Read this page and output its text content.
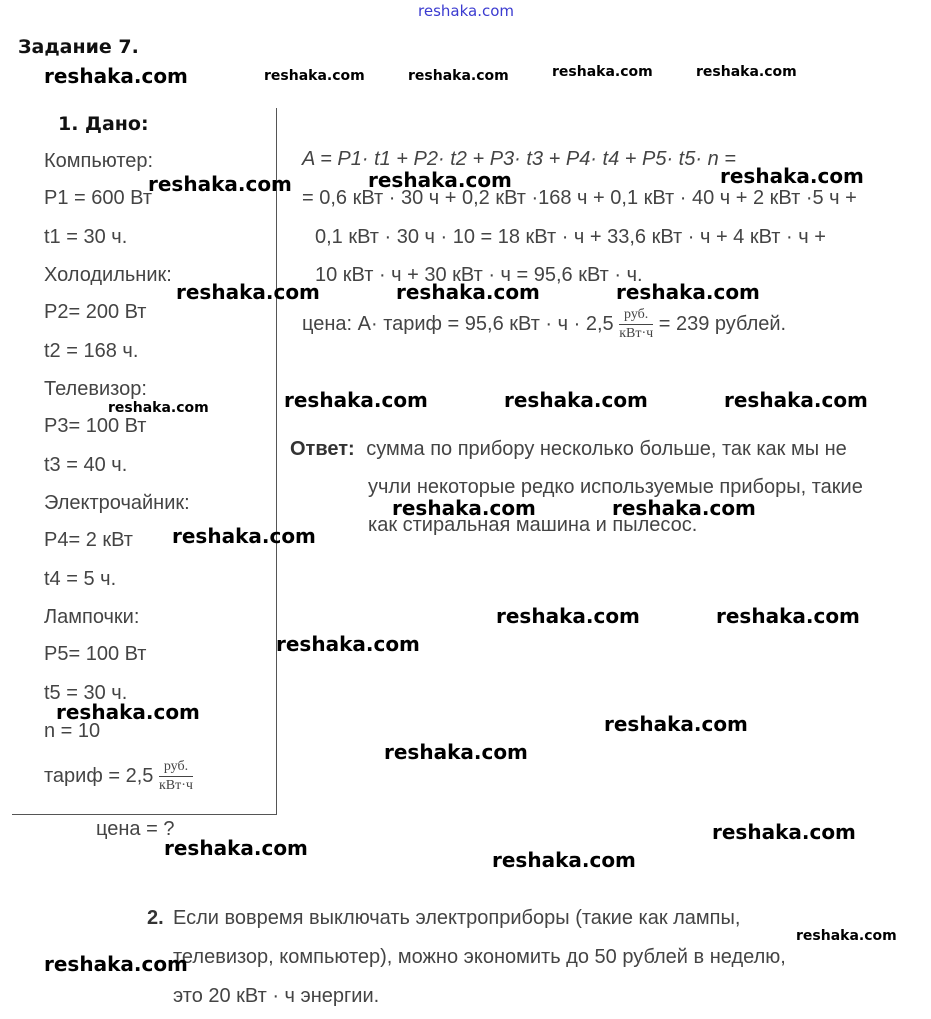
reshaka.com
Задание 7.
1. Дано:
Компьютер:
P1 = 600 Вт
t1 = 30 ч.
Холодильник:
P2= 200 Вт
t2 = 168 ч.
Телевизор:
P3= 100 Вт
t3 = 40 ч.
Электрочайник:
P4= 2 кВт
t4 = 5 ч.
Лампочки:
P5= 100 Вт
t5 = 30 ч.
n = 10
тариф = $2,5 \frac{\text{руб.}}{\text{кВт·ч}}$
цена = ?
A = P1· t1 + P2· t2 + P3· t3 + P4· t4 + P5· t5· n =
= 0,6 кВт · 30 ч + 0,2 кВт ·168 ч + 0,1 кВт · 40 ч + 2 кВт ·5 ч +
0,1 кВт · 30 ч · 10 = 18 кВт · ч + 33,6 кВт · ч + 4 кВт · ч +
10 кВт · ч + 30 кВт · ч = 95,6 кВт · ч.
цена: А· тариф = 95,6 кВт · $ч \cdot 2,5 \frac{\text{руб.}}{\text{кВт·ч}} = 239$ рублей.
Ответ: сумма по прибору несколько больше, так как мы не
учли некоторые редко используемые приборы, такие
как стиральная машина и пылесос.
2. Если вовремя выключать электроприборы (такие как лампы,
телевизор, компьютер), можно экономить до 50 рублей в неделю,
это 20 кВт · ч энергии.
reshaka.com	reshaka.com	reshaka.com	reshaka.com	reshaka.com
reshaka.com	reshaka.com	reshaka.com
reshaka.com	reshaka.com	reshaka.com
reshaka.com	reshaka.com	reshaka.com	reshaka.com
reshaka.com	reshaka.com
reshaka.com
reshaka.com	reshaka.com
reshaka.com
reshaka.com	reshaka.com
reshaka.com
reshaka.com
reshaka.com	reshaka.com
reshaka.com
reshaka.com
